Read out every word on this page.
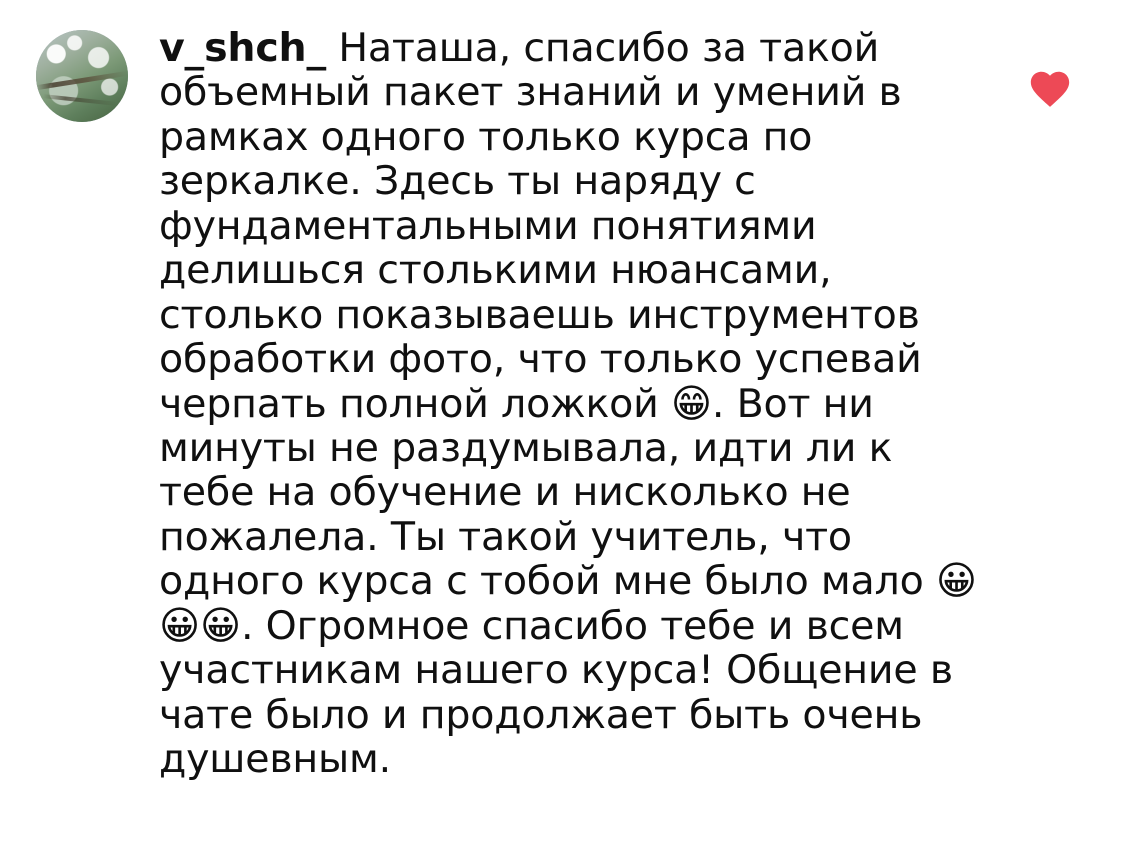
v_shch_ Наташа, спасибо за такой объемный пакет знаний и умений в рамках одного только курса по зеркалке. Здесь ты наряду с фундаментальными понятиями делишься столькими нюансами, столько показываешь инструментов обработки фото, что только успевай черпать полной ложкой 😁. Вот ни минуты не раздумывала, идти ли к тебе на обучение и нисколько не пожалела. Ты такой учитель, что одного курса с тобой мне было мало 😀😀😀. Огромное спасибо тебе и всем участникам нашего курса! Общение в чате было и продолжает быть очень душевным.
